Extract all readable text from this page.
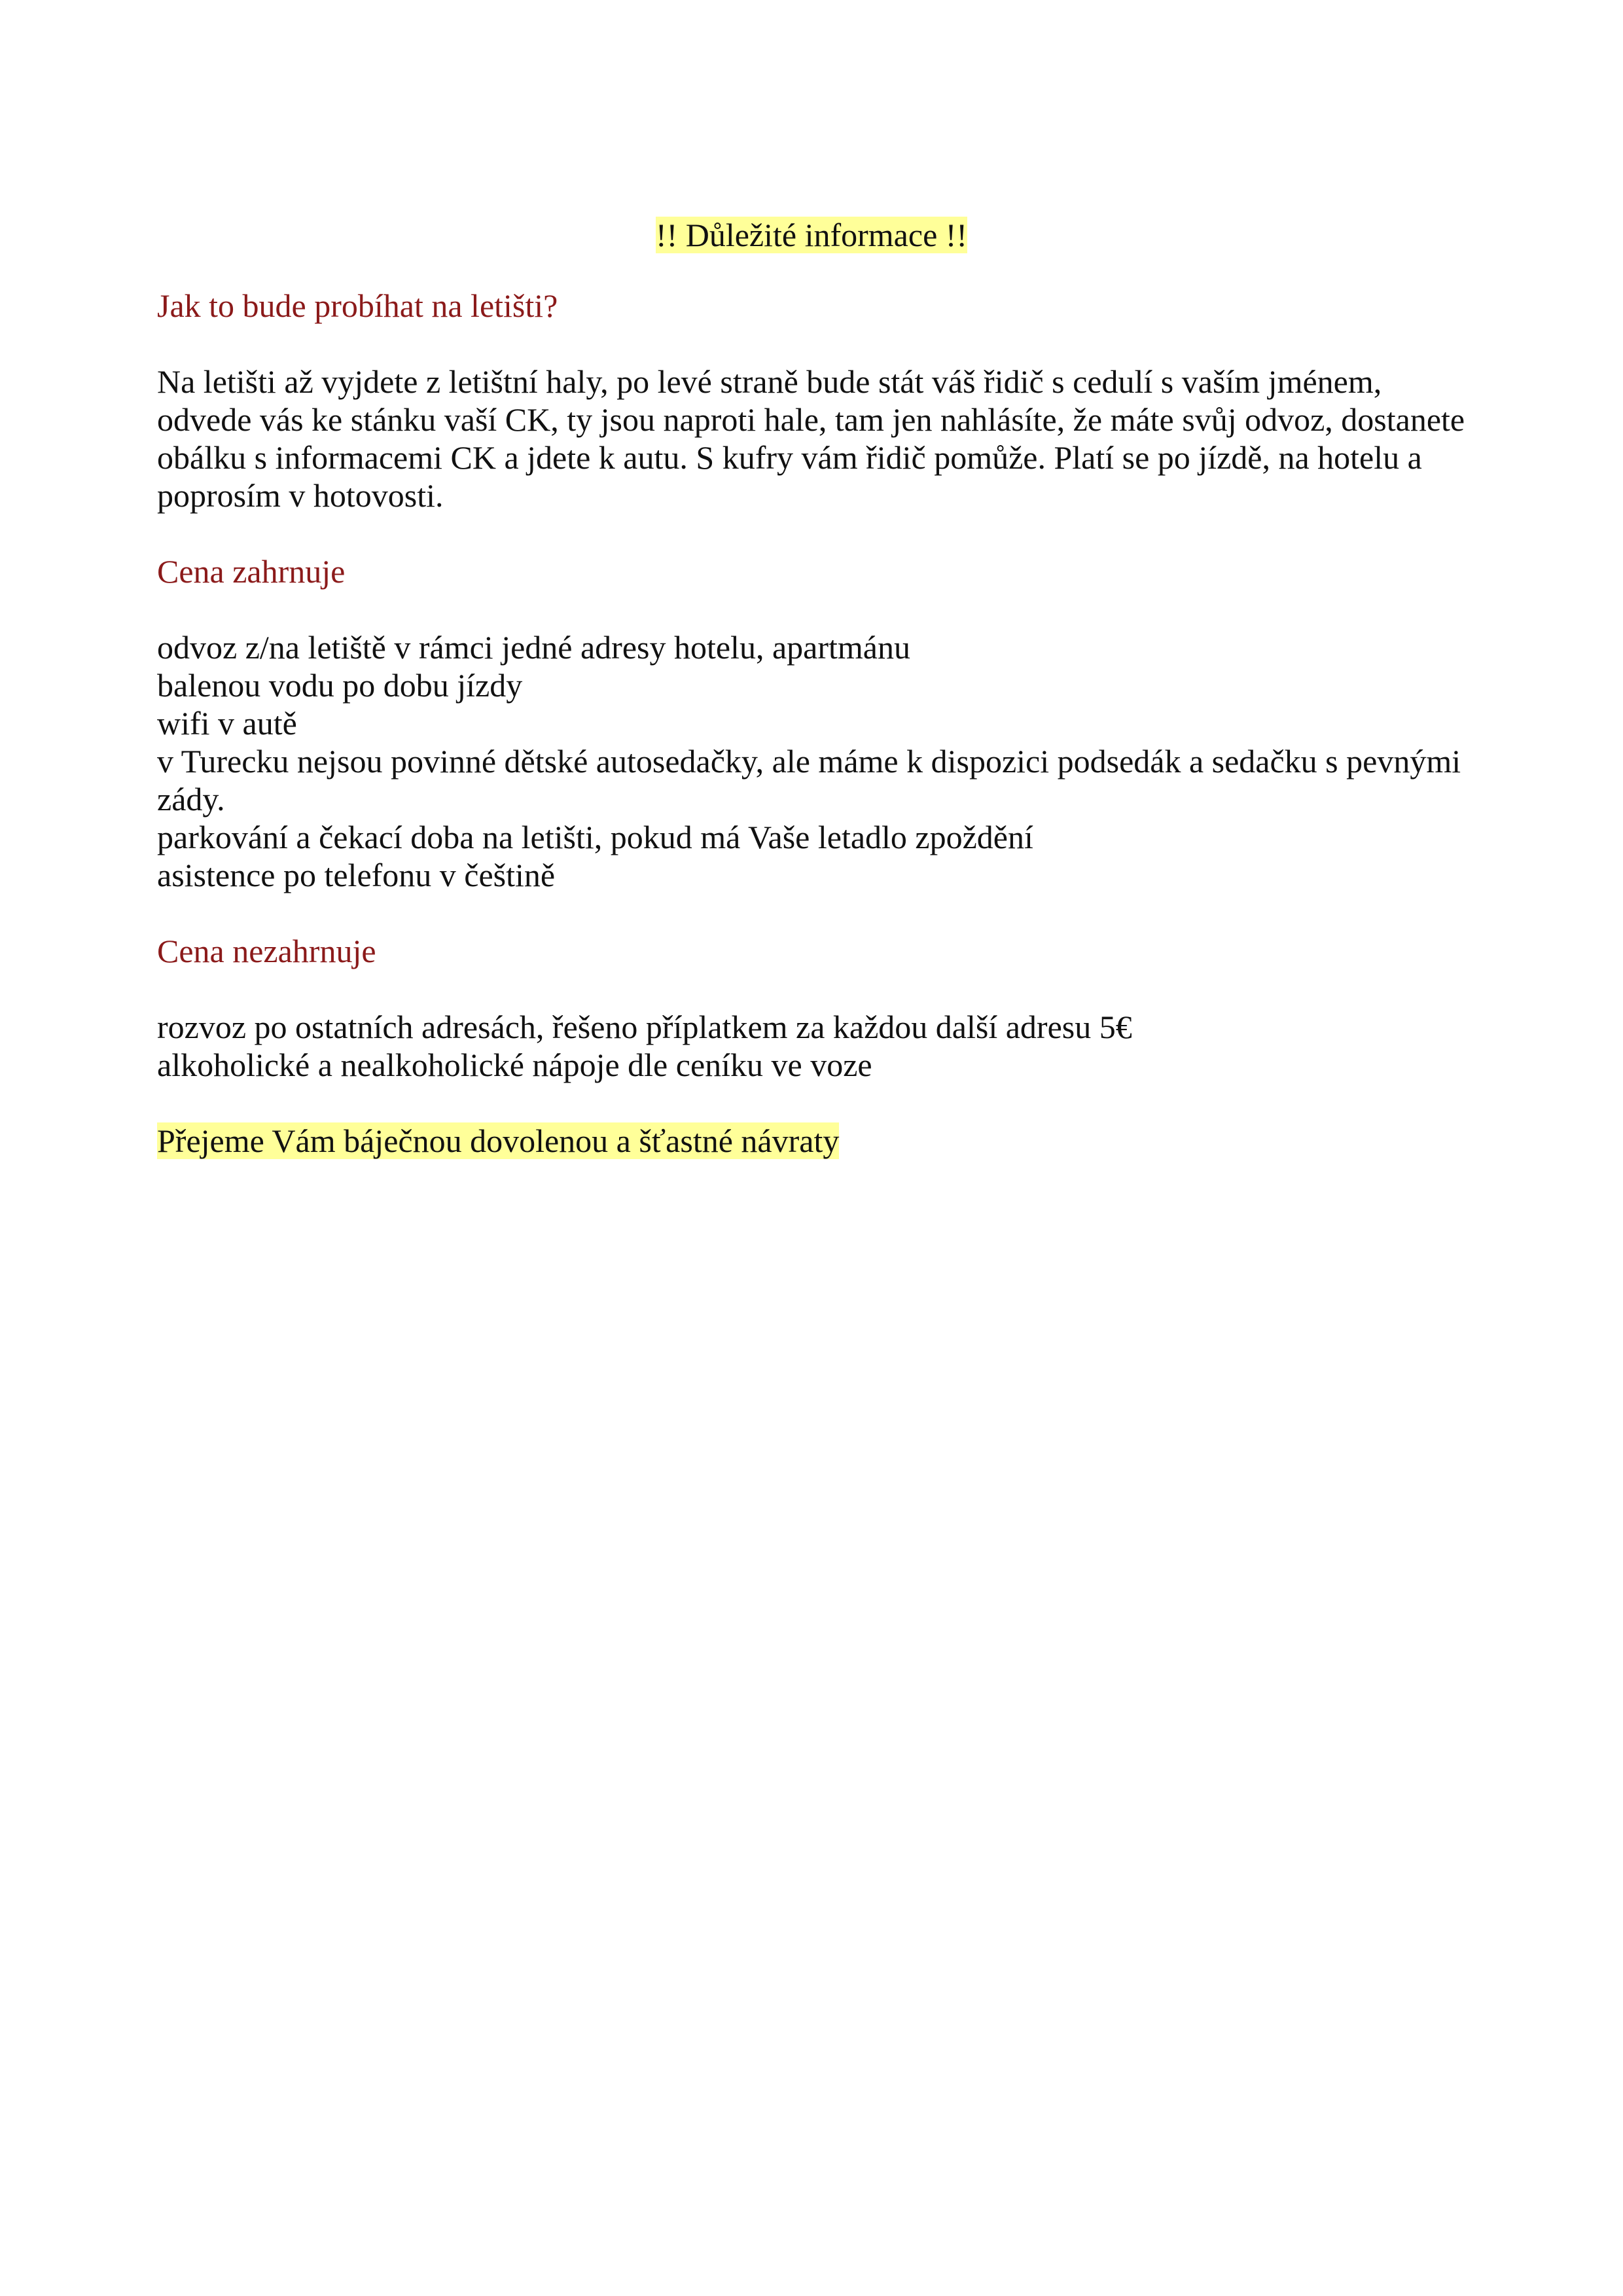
!! Důležité informace !!
Jak to bude probíhat na letišti?
Na letišti až vyjdete z letištní haly, po levé straně bude stát váš řidič s cedulí s vaším jménem, odvede vás ke stánku vaší CK, ty jsou naproti hale, tam jen nahlásíte, že máte svůj odvoz, dostanete obálku s informacemi CK a jdete k autu. S kufry vám řidič pomůže. Platí se po jízdě, na hotelu a poprosím v hotovosti.
Cena zahrnuje
odvoz z/na letiště v rámci jedné adresy hotelu, apartmánu
balenou vodu po dobu jízdy
wifi v autě
v Turecku nejsou povinné dětské autosedačky, ale máme k dispozici podsedák a sedačku s pevnými zády.
parkování a čekací doba na letišti, pokud má Vaše letadlo zpoždění
asistence po telefonu v češtině
Cena nezahrnuje
rozvoz po ostatních adresách, řešeno příplatkem za každou další adresu 5€
alkoholické a nealkoholické nápoje dle ceníku ve voze
Přejeme Vám báječnou dovolenou a šťastné návraty
